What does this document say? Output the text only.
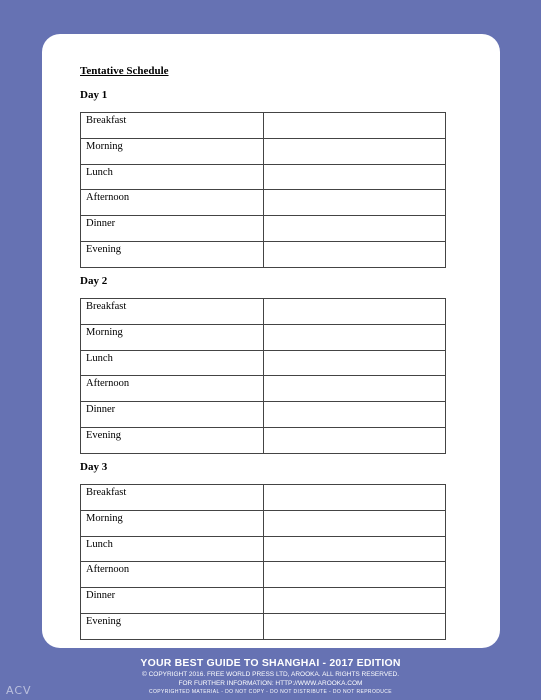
Tentative Schedule
Day 1
Breakfast	
Morning	
Lunch	
Afternoon	
Dinner	
Evening	
Day 2
Breakfast	
Morning	
Lunch	
Afternoon	
Dinner	
Evening	
Day 3
Breakfast	
Morning	
Lunch	
Afternoon	
Dinner	
Evening	
YOUR BEST GUIDE TO SHANGHAI - 2017 EDITION
© COPYRIGHT 2016. FREE WORLD PRESS LTD, AROOKA. ALL RIGHTS RESERVED.
FOR FURTHER INFORMATION: HTTP://WWW.AROOKA.COM
COPYRIGHTED MATERIAL - DO NOT COPY - DO NOT DISTRIBUTE - DO NOT REPRODUCE
ACV
